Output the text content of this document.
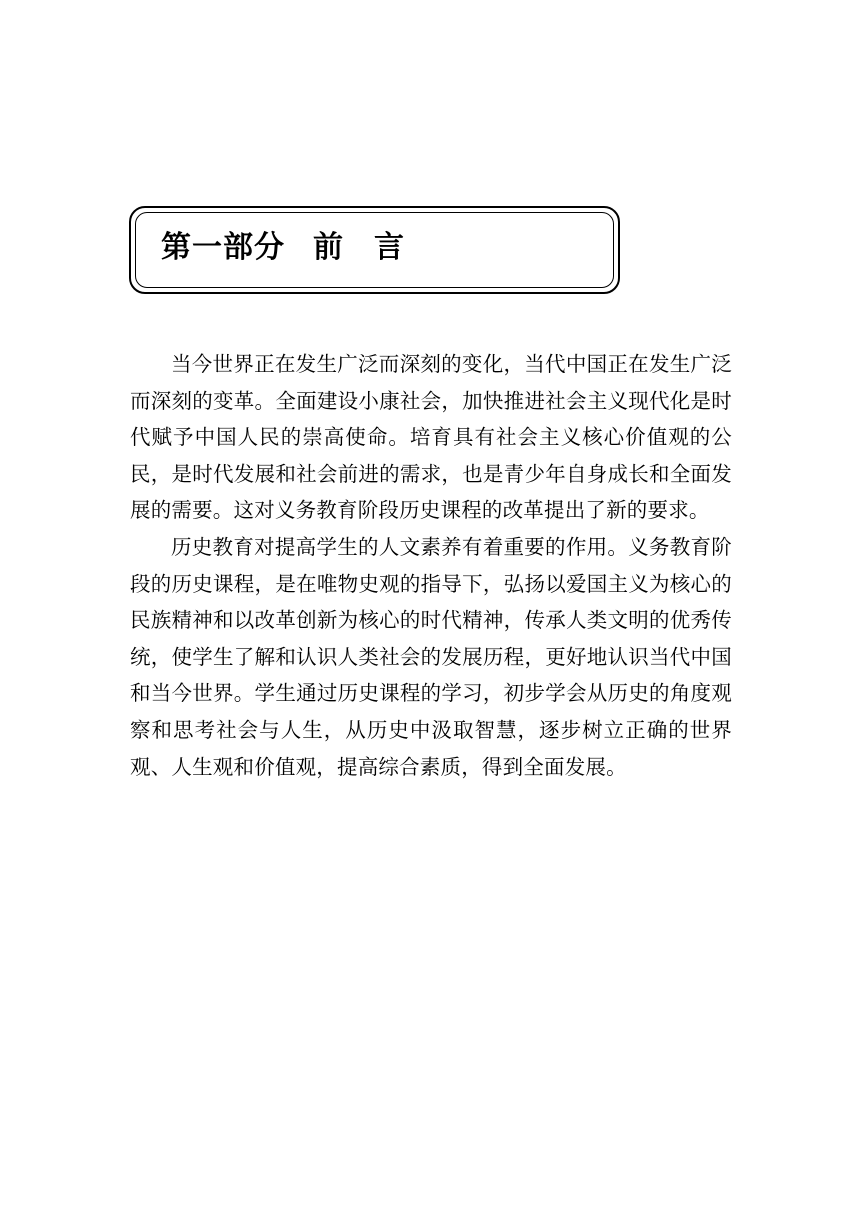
第一部分 前 言

当今世界正在发生广泛而深刻的变化，当代中国正在发生广泛而深刻的变革。全面建设小康社会，加快推进社会主义现代化是时代赋予中国人民的崇高使命。培育具有社会主义核心价值观的公民，是时代发展和社会前进的需求，也是青少年自身成长和全面发展的需要。这对义务教育阶段历史课程的改革提出了新的要求。

历史教育对提高学生的人文素养有着重要的作用。义务教育阶段的历史课程，是在唯物史观的指导下，弘扬以爱国主义为核心的民族精神和以改革创新为核心的时代精神，传承人类文明的优秀传统，使学生了解和认识人类社会的发展历程，更好地认识当代中国和当今世界。学生通过历史课程的学习，初步学会从历史的角度观察和思考社会与人生，从历史中汲取智慧，逐步树立正确的世界观、人生观和价值观，提高综合素质，得到全面发展。
